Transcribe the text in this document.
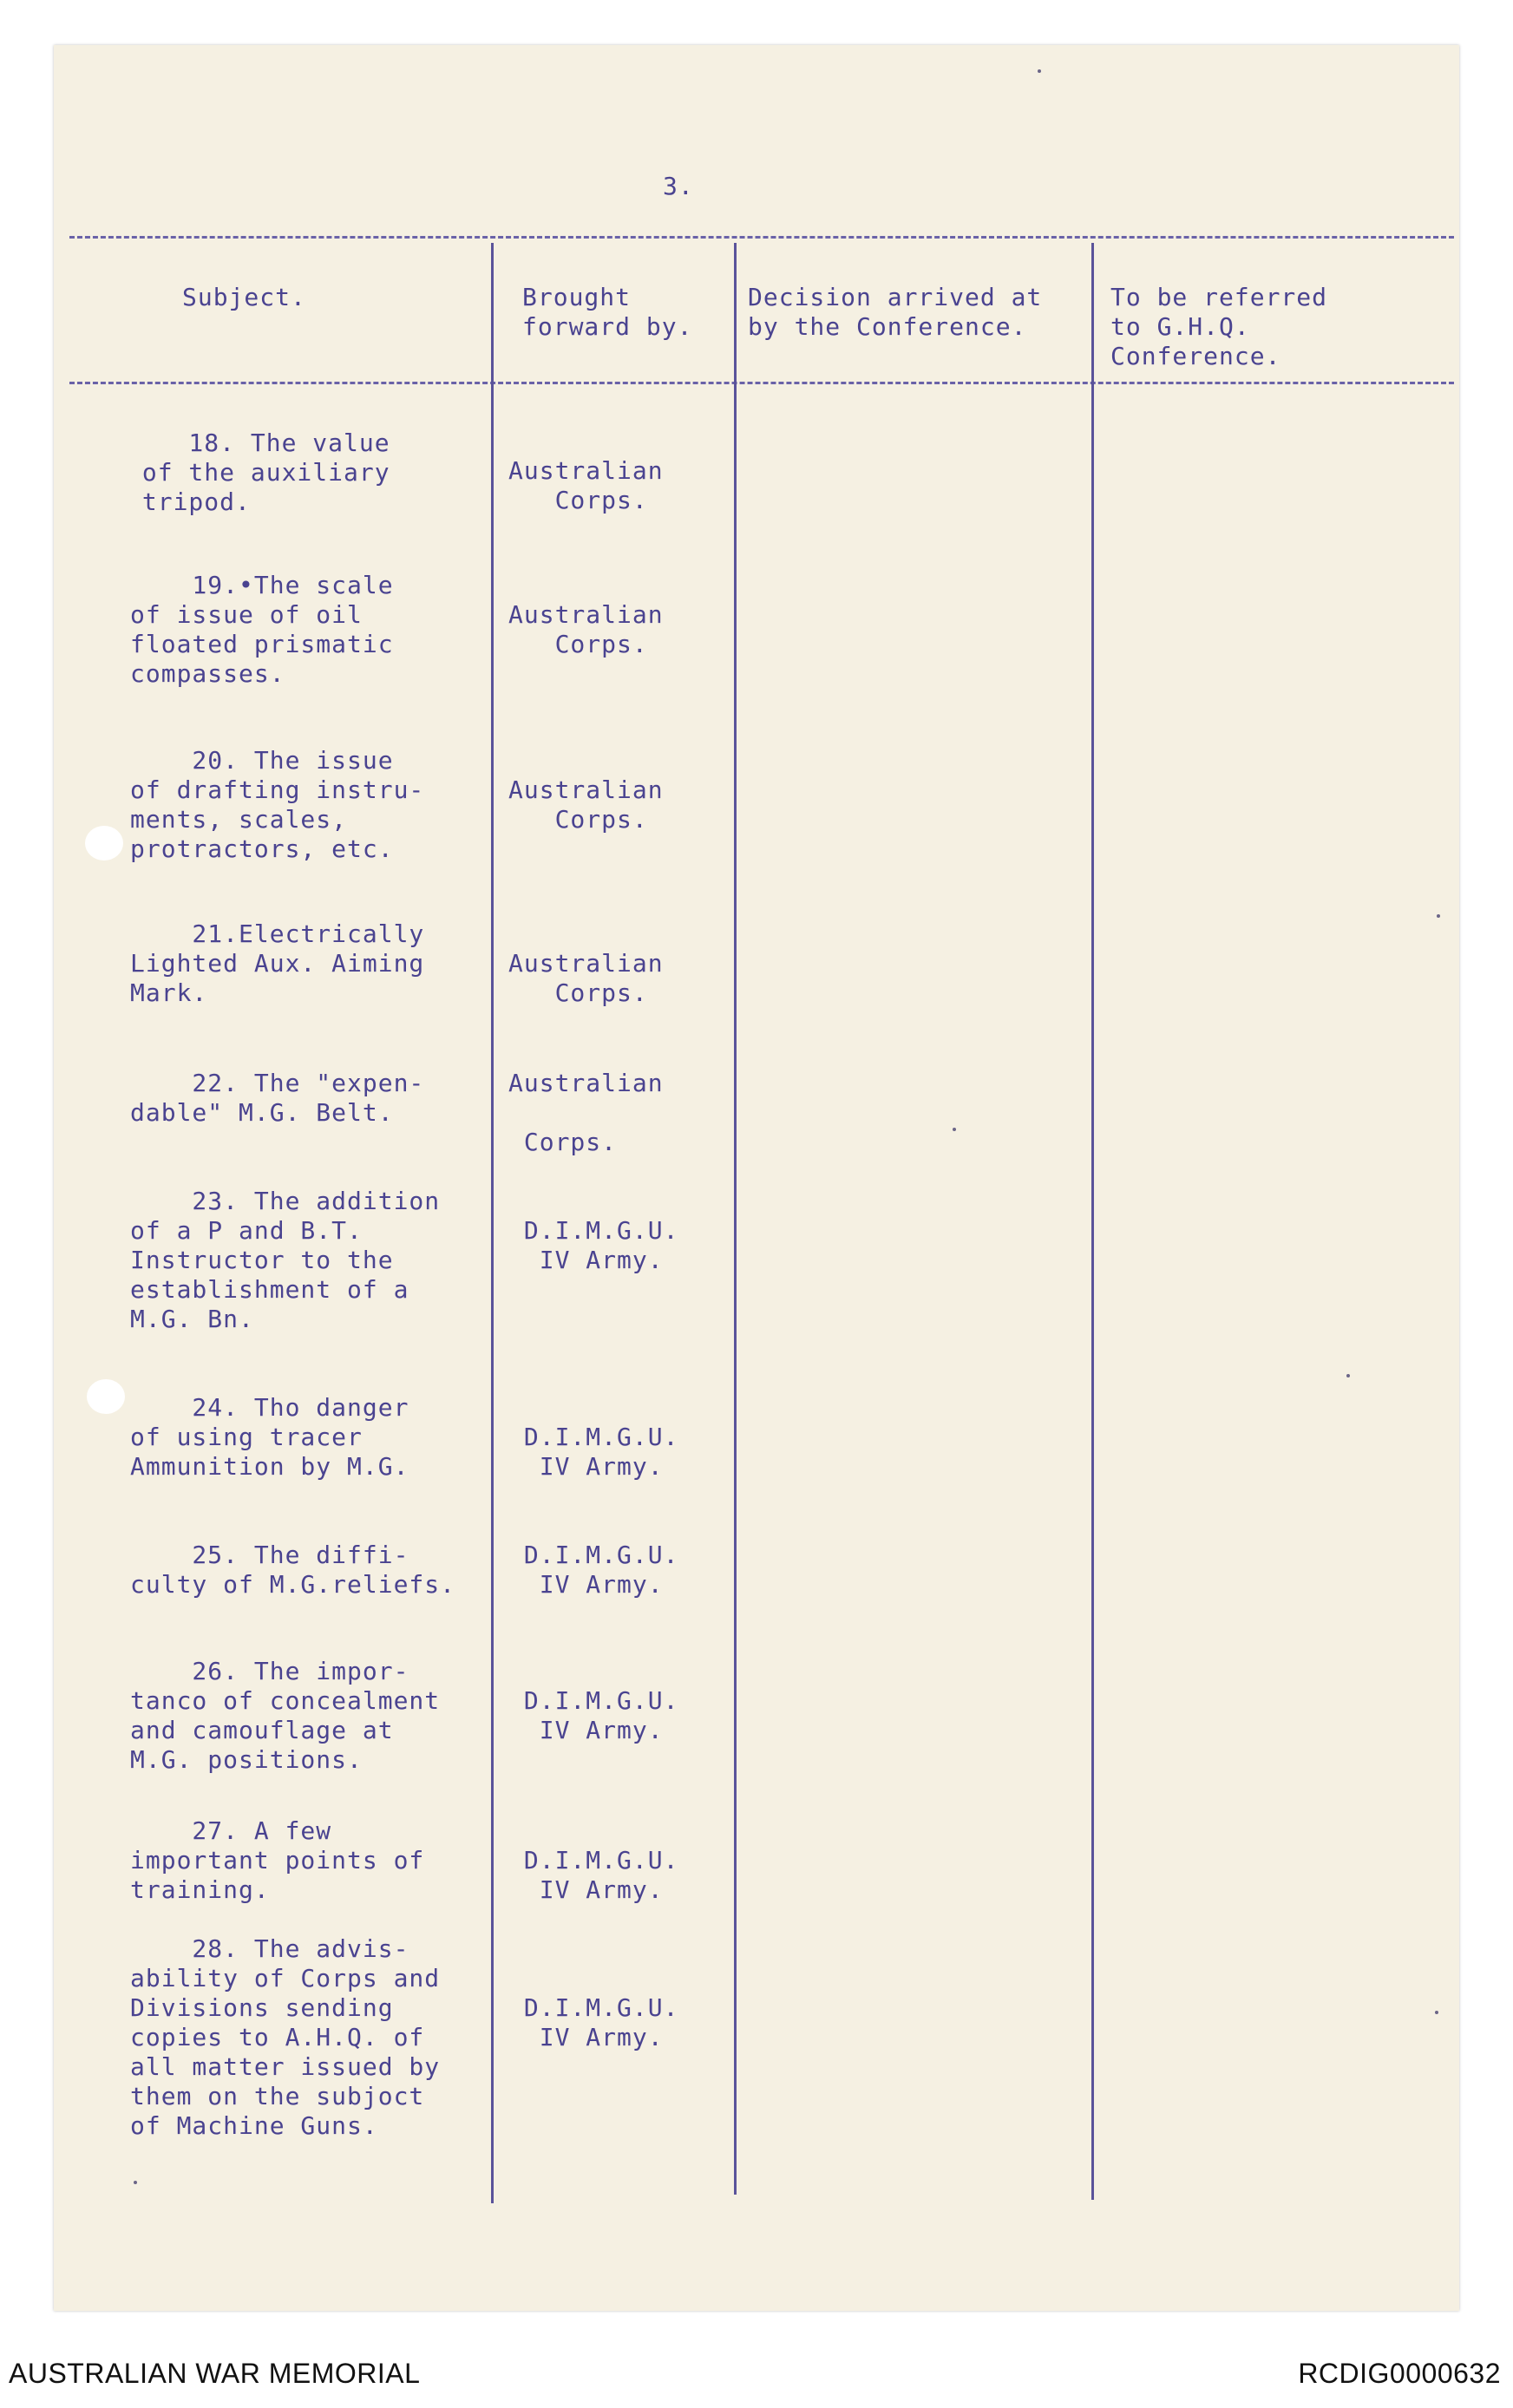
3.
Subject.	Brought
forward by.
Decision arrived at
by the Conference.
To be referred
to G.H.Q.
Conference.
18. The value
of the auxiliary
tripod.
Australian
Corps.
19.•The scale
of issue of oil
floated prismatic
compasses.
Australian
Corps.
20. The issue
of drafting instru-
ments, scales,
protractors, etc.
Australian
Corps.
21.Electrically
Lighted Aux. Aiming
Mark.
Australian
Corps.
22. The "expen-
dable" M.G. Belt.
Australian

Corps.
23. The addition
of a P and B.T.
Instructor to the
establishment of a
M.G. Bn.
D.I.M.G.U.
IV Army.
24. Tho danger
of using tracer
Ammunition by M.G.
D.I.M.G.U.
IV Army.
25. The diffi-
culty of M.G.reliefs.
D.I.M.G.U.
IV Army.
26. The impor-
tanco of concealment
and camouflage at
M.G. positions.
D.I.M.G.U.
IV Army.
27. A few
important points of
training.
D.I.M.G.U.
IV Army.
28. The advis-
ability of Corps and
Divisions sending
copies to A.H.Q. of
all matter issued by
them on the subjoct
of Machine Guns.

D.I.M.G.U.
IV Army.
AUSTRALIAN WAR MEMORIAL	RCDIG0000632
